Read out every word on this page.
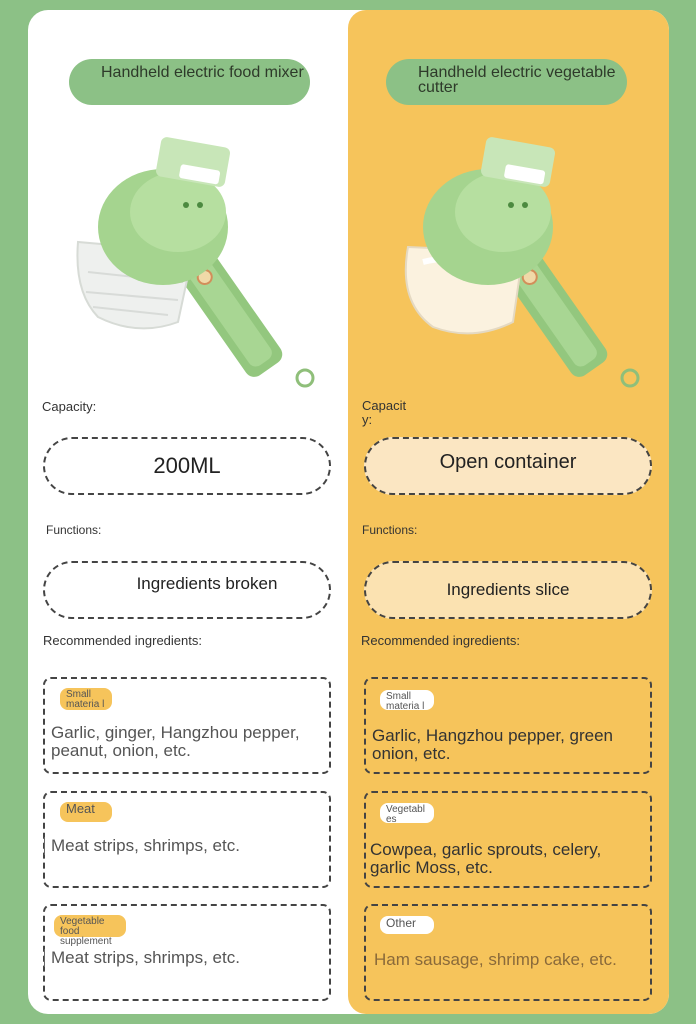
Handheld electric food mixer	Handheld electric vegetable cutter
Capacity:	Capacit y:
200ML	Open container
Functions:	Functions:
Ingredients broken	Ingredients slice
Recommended ingredients:	Recommended ingredients:
Small materia l
Garlic, ginger, Hangzhou pepper, peanut, onion, etc.
Meat
Meat strips, shrimps, etc.
Vegetable food supplement
Meat strips, shrimps, etc.
Small materia l
Garlic, Hangzhou pepper, green onion, etc.
Vegetabl es
Cowpea, garlic sprouts, celery, garlic Moss, etc.
Other
Ham sausage, shrimp cake, etc.
